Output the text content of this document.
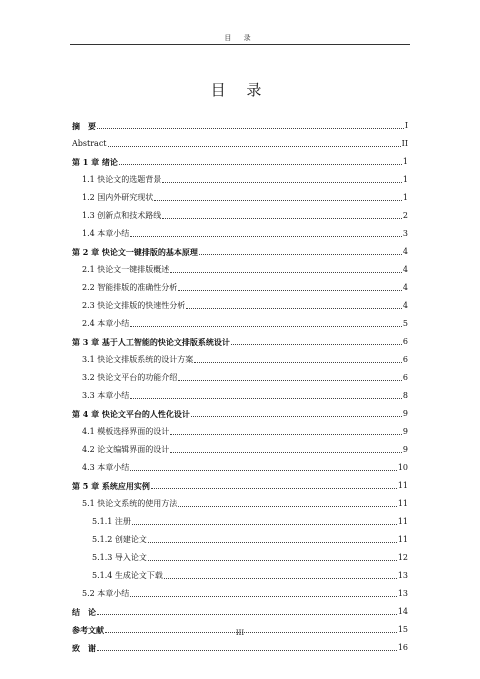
目 录
目 录
摘　要	I
Abstract	II
第 1 章 绪论	1
1.1 快论文的选题背景	1
1.2 国内外研究现状	1
1.3 创新点和技术路线	2
1.4 本章小结	3
第 2 章 快论文一键排版的基本原理	4
2.1 快论文一键排版概述	4
2.2 智能排版的准确性分析	4
2.3 快论文排版的快速性分析	4
2.4 本章小结	5
第 3 章 基于人工智能的快论文排版系统设计	6
3.1 快论文排版系统的设计方案	6
3.2 快论文平台的功能介绍	6
3.3 本章小结	8
第 4 章 快论文平台的人性化设计	9
4.1 模板选择界面的设计	9
4.2 论文编辑界面的设计	9
4.3 本章小结	10
第 5 章 系统应用实例	11
5.1 快论文系统的使用方法	11
5.1.1 注册	11
5.1.2 创建论文	11
5.1.3 导入论文	12
5.1.4 生成论文下载	13
5.2 本章小结	13
结　论	14
参考文献	15
致　谢	16
III
